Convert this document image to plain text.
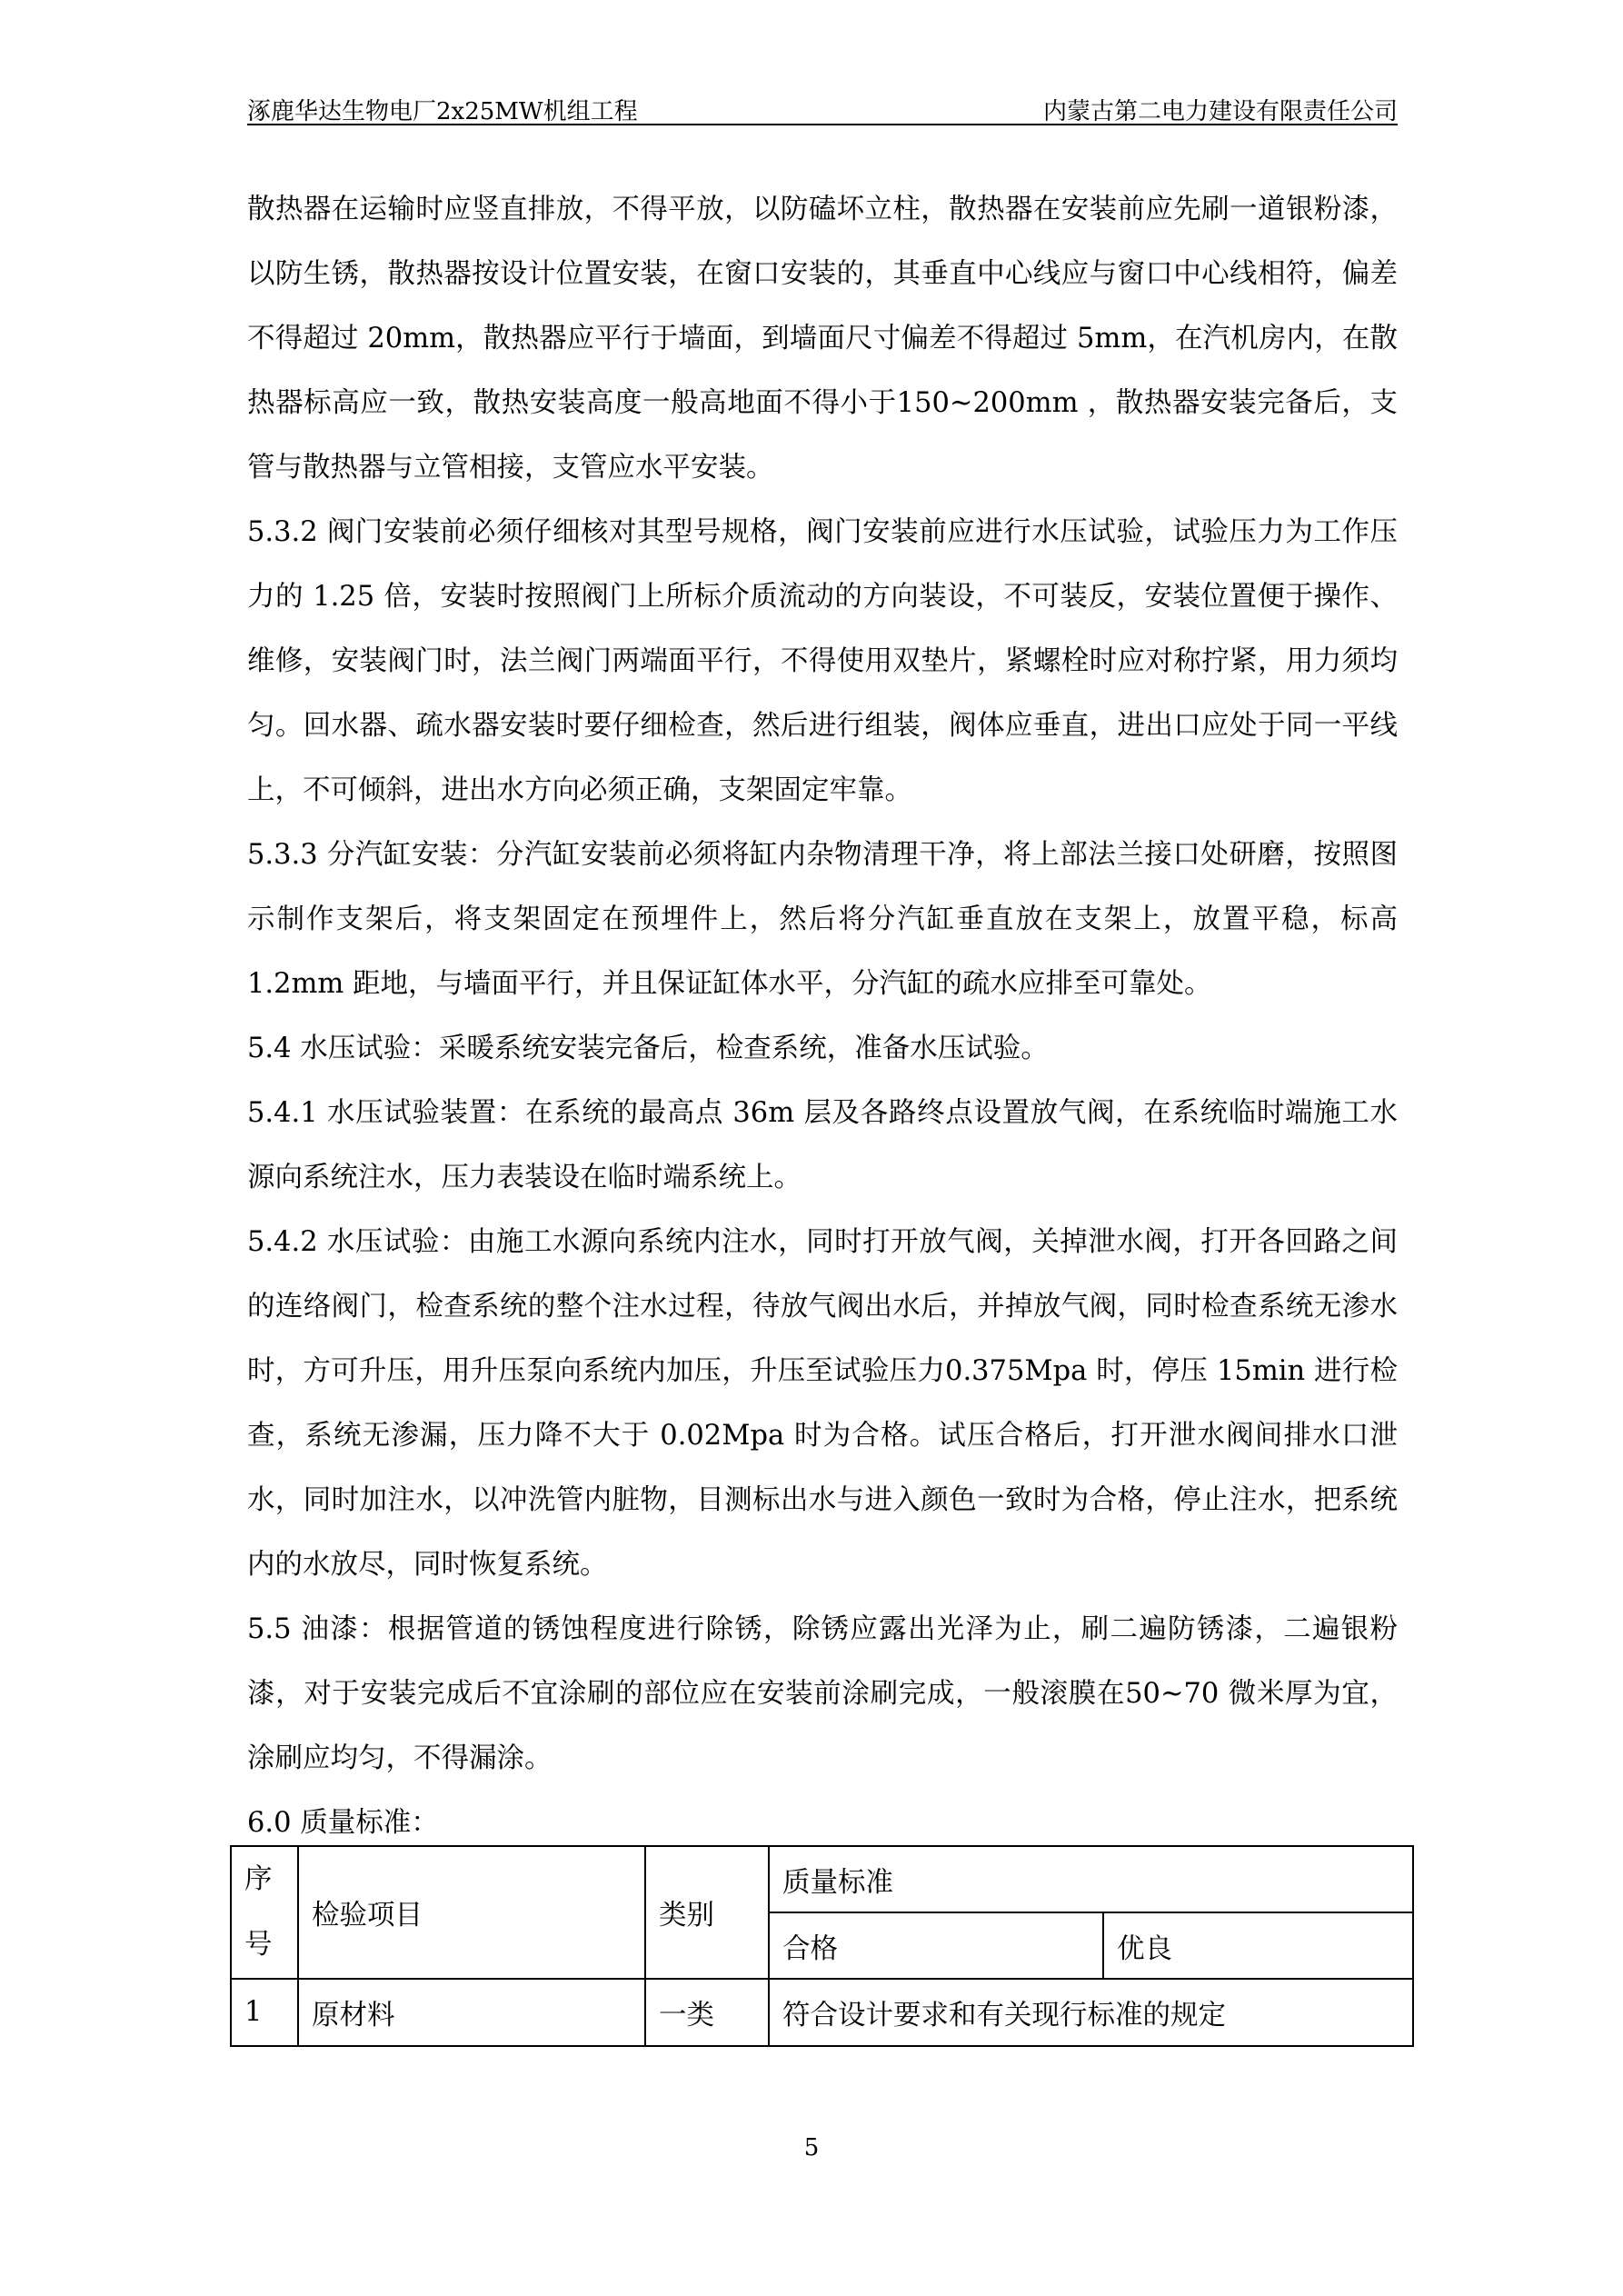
涿鹿华达生物电厂2x25MW机组工程	内蒙古第二电力建设有限责任公司

散热器在运输时应竖直排放，不得平放，以防磕坏立柱，散热器在安装前应先刷一道银粉漆，以防生锈，散热器按设计位置安装，在窗口安装的，其垂直中心线应与窗口中心线相符，偏差不得超过 20mm，散热器应平行于墙面，到墙面尺寸偏差不得超过 5mm，在汽机房内，在散热器标高应一致，散热安装高度一般高地面不得小于150~200mm ，散热器安装完备后，支管与散热器与立管相接，支管应水平安装。

5.3.2 阀门安装前必须仔细核对其型号规格，阀门安装前应进行水压试验，试验压力为工作压力的 1.25 倍，安装时按照阀门上所标介质流动的方向装设，不可装反，安装位置便于操作、维修，安装阀门时，法兰阀门两端面平行，不得使用双垫片，紧螺栓时应对称拧紧，用力须均匀。回水器、疏水器安装时要仔细检查，然后进行组装，阀体应垂直，进出口应处于同一平线上，不可倾斜，进出水方向必须正确，支架固定牢靠。

5.3.3 分汽缸安装：分汽缸安装前必须将缸内杂物清理干净，将上部法兰接口处研磨，按照图示制作支架后，将支架固定在预埋件上，然后将分汽缸垂直放在支架上，放置平稳，标高1.2mm 距地，与墙面平行，并且保证缸体水平，分汽缸的疏水应排至可靠处。

5.4 水压试验：采暖系统安装完备后，检查系统，准备水压试验。

5.4.1 水压试验装置：在系统的最高点 36m 层及各路终点设置放气阀，在系统临时端施工水源向系统注水，压力表装设在临时端系统上。

5.4.2 水压试验：由施工水源向系统内注水，同时打开放气阀，关掉泄水阀，打开各回路之间的连络阀门，检查系统的整个注水过程，待放气阀出水后，并掉放气阀，同时检查系统无渗水时，方可升压，用升压泵向系统内加压，升压至试验压力0.375Mpa 时，停压 15min 进行检查，系统无渗漏，压力降不大于 0.02Mpa 时为合格。试压合格后，打开泄水阀间排水口泄水，同时加注水，以冲洗管内脏物，目测标出水与进入颜色一致时为合格，停止注水，把系统内的水放尽，同时恢复系统。

5.5 油漆：根据管道的锈蚀程度进行除锈，除锈应露出光泽为止，刷二遍防锈漆，二遍银粉漆，对于安装完成后不宜涂刷的部位应在安装前涂刷完成，一般滚膜在50~70 微米厚为宜，涂刷应均匀，不得漏涂。

6.0 质量标准：

序
号	检验项目	类别	质量标准	
			合格	优良
1	原材料	一类	符合设计要求和有关现行标准的规定	
5
